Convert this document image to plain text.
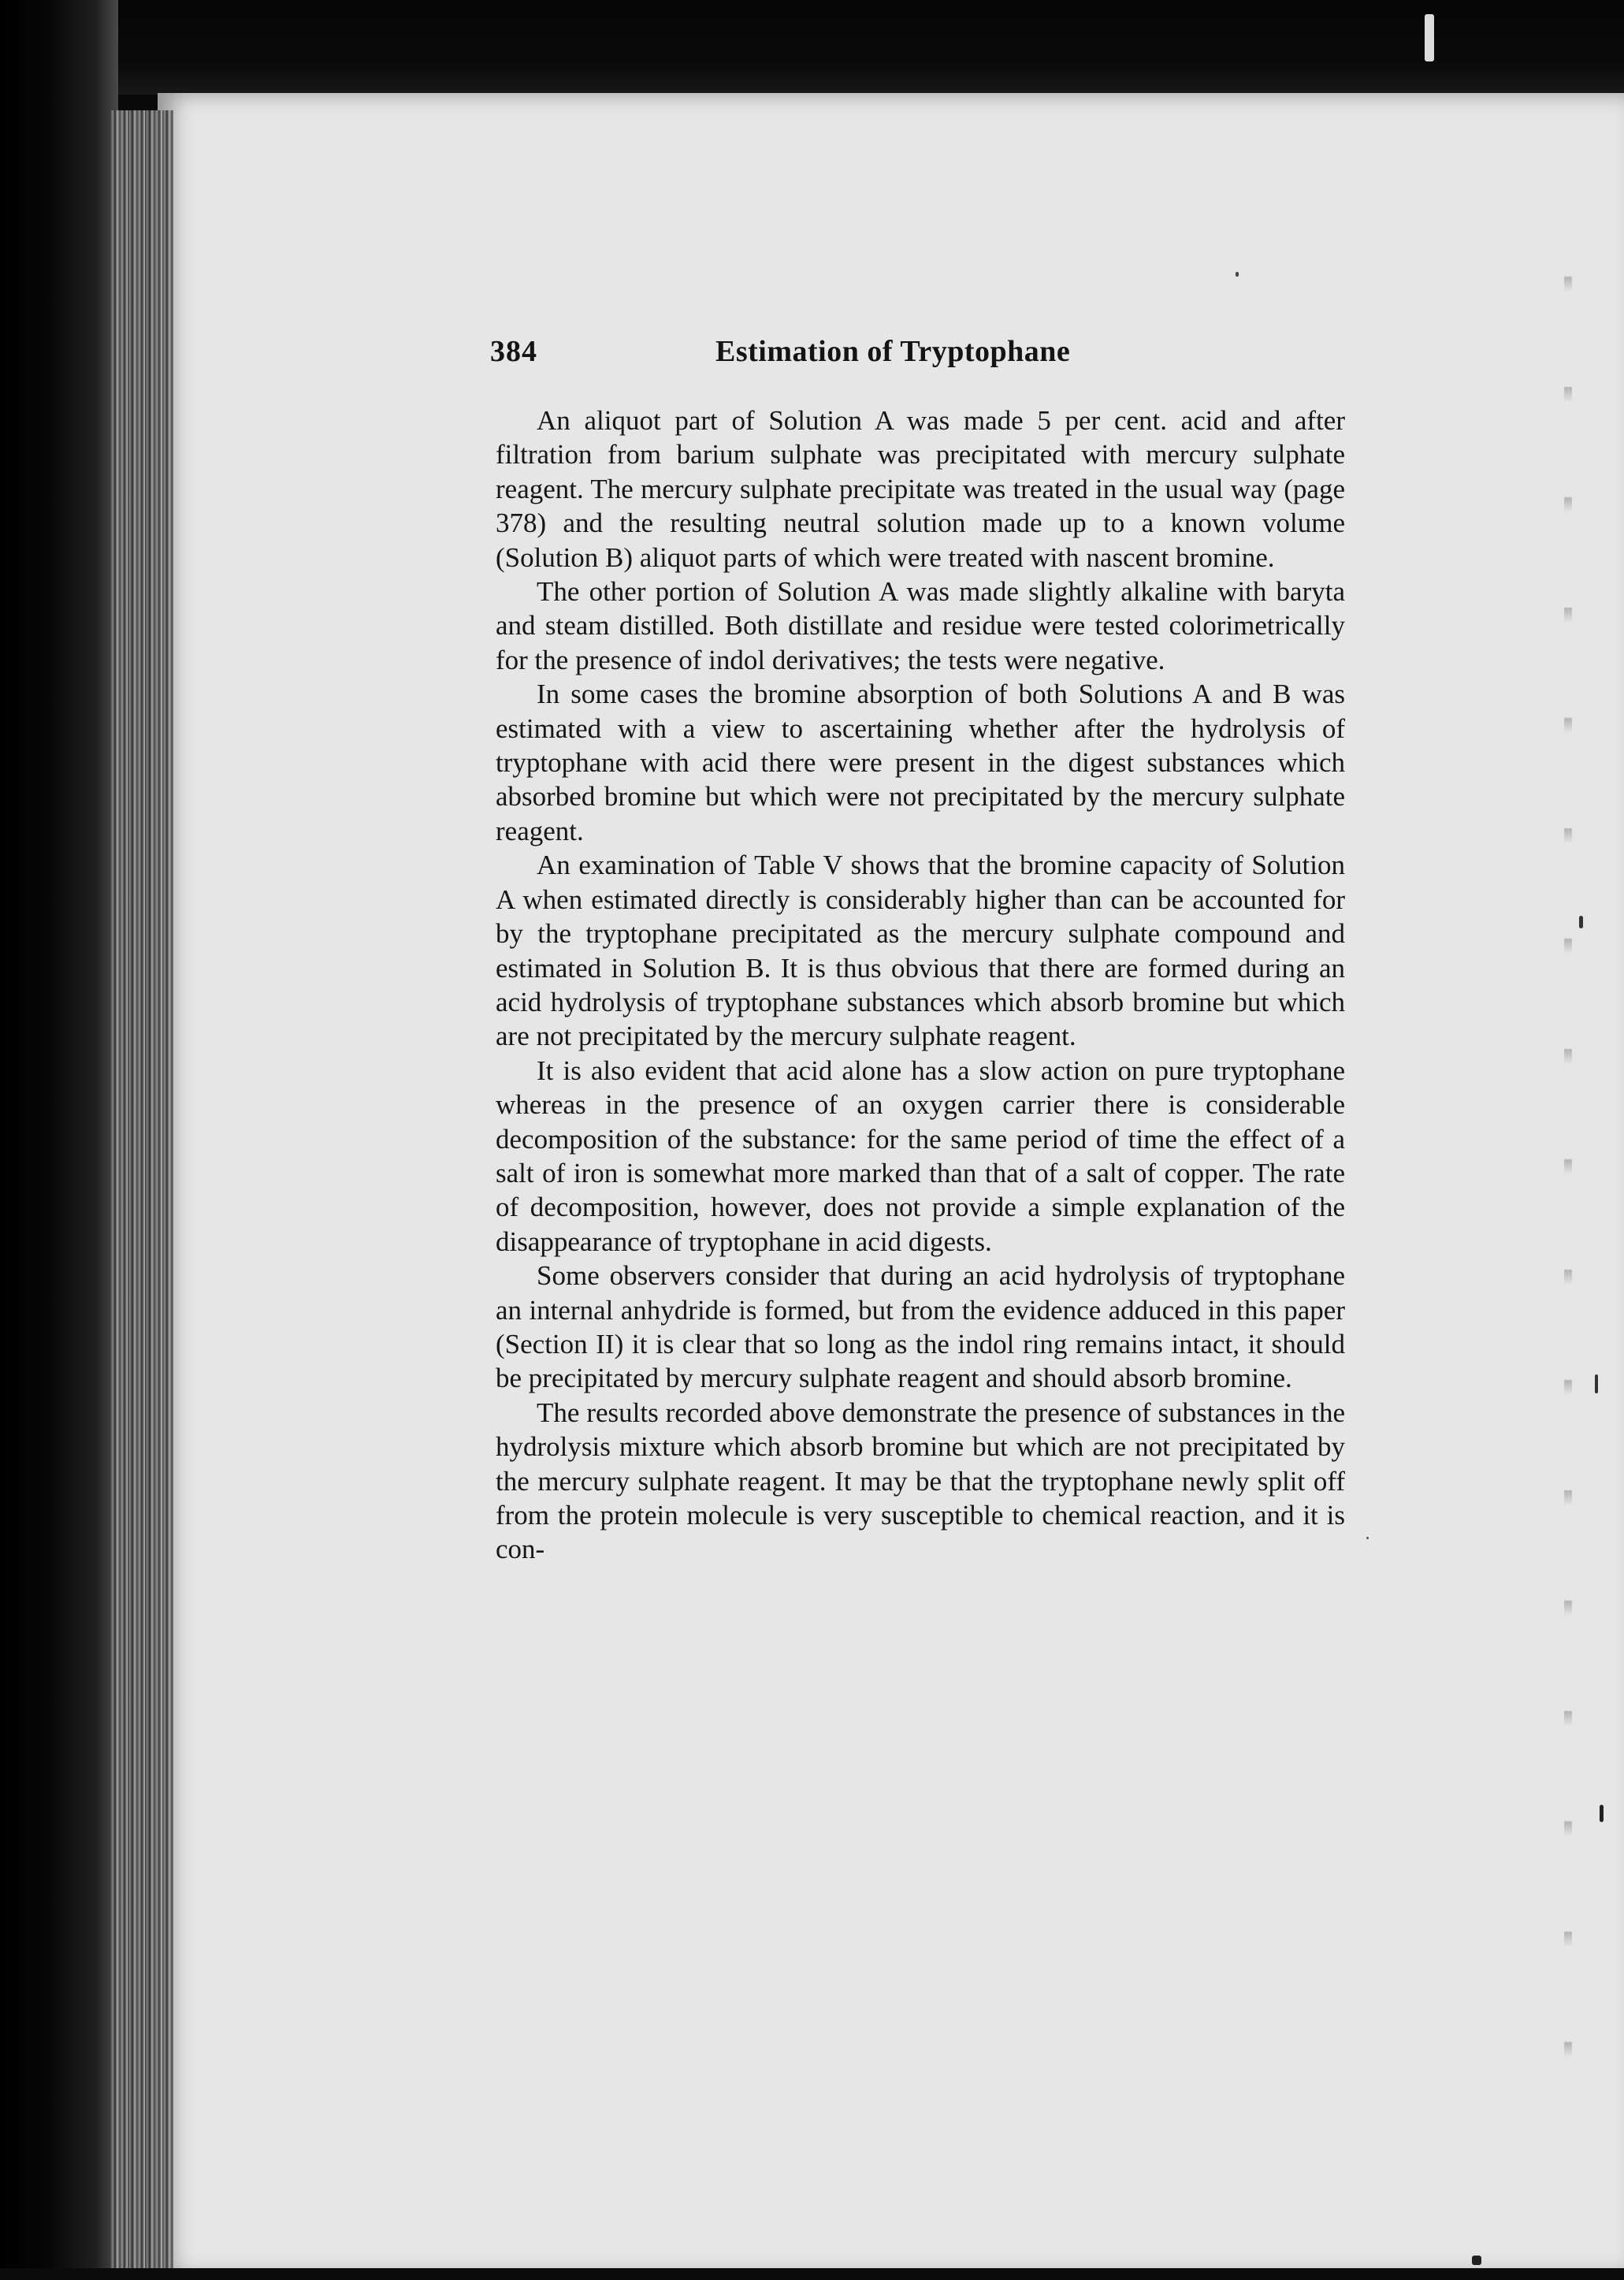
384	Estimation of Tryptophane

An aliquot part of Solution A was made 5 per cent. acid and after filtration from barium sulphate was precipitated with mercury sulphate reagent. The mercury sulphate precipitate was treated in the usual way (page 378) and the resulting neutral solution made up to a known volume (Solution B) aliquot parts of which were treated with nascent bromine.

The other portion of Solution A was made slightly alkaline with baryta and steam distilled. Both distillate and residue were tested colorimetrically for the presence of indol derivatives; the tests were negative.

In some cases the bromine absorption of both Solutions A and B was estimated with a view to ascertaining whether after the hydrolysis of tryptophane with acid there were present in the digest substances which absorbed bromine but which were not precipitated by the mercury sulphate reagent.

An examination of Table V shows that the bromine capacity of Solution A when estimated directly is considerably higher than can be accounted for by the tryptophane precipitated as the mercury sulphate compound and estimated in Solution B. It is thus obvious that there are formed during an acid hydrolysis of tryptophane substances which absorb bromine but which are not precipitated by the mercury sulphate reagent.

It is also evident that acid alone has a slow action on pure tryptophane whereas in the presence of an oxygen carrier there is considerable decomposition of the substance: for the same period of time the effect of a salt of iron is somewhat more marked than that of a salt of copper. The rate of decomposition, however, does not provide a simple explanation of the disappearance of tryptophane in acid digests.

Some observers consider that during an acid hydrolysis of tryptophane an internal anhydride is formed, but from the evidence adduced in this paper (Section II) it is clear that so long as the indol ring remains intact, it should be precipitated by mercury sulphate reagent and should absorb bromine.

The results recorded above demonstrate the presence of substances in the hydrolysis mixture which absorb bromine but which are not precipitated by the mercury sulphate reagent. It may be that the tryptophane newly split off from the protein molecule is very susceptible to chemical reaction, and it is con-
